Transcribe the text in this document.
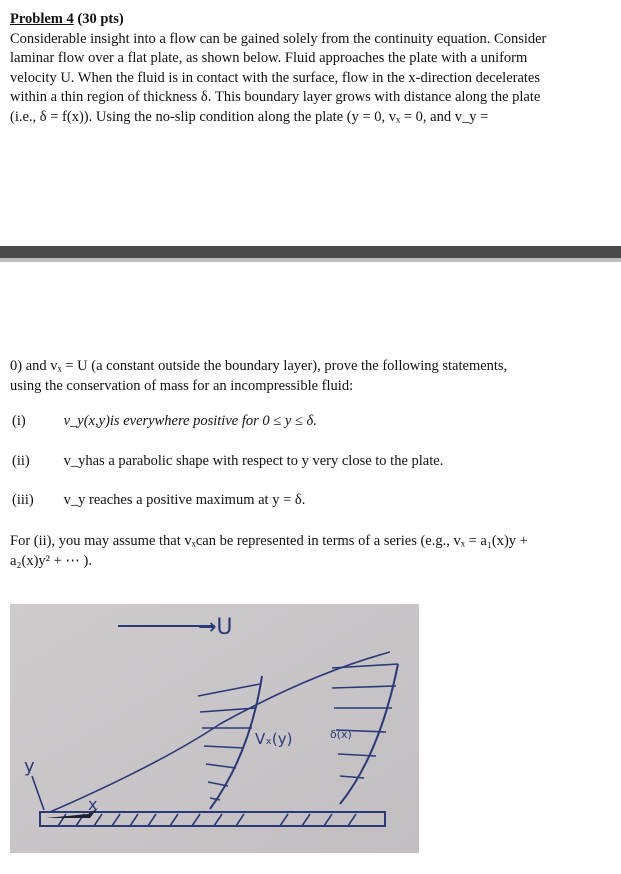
Problem 4 (30 pts)
Considerable insight into a flow can be gained solely from the continuity equation. Consider
laminar flow over a flat plate, as shown below. Fluid approaches the plate with a uniform
velocity U. When the fluid is in contact with the surface, flow in the x-direction decelerates
within a thin region of thickness δ. This boundary layer grows with distance along the plate
(i.e., δ = f(x)). Using the no-slip condition along the plate (y = 0, vₓ = 0, and v_y =
0) and vₓ = U (a constant outside the boundary layer), prove the following statements,
using the conservation of mass for an incompressible fluid:
(i)	v_y(x,y)is everywhere positive for 0 ≤ y ≤ δ.
(ii) v_yhas a parabolic shape with respect to y very close to the plate.
(iii) v_y reaches a positive maximum at y = δ.
For (ii), you may assume that vₓcan be represented in terms of a series (e.g., vₓ = a₁(x)y +
a₂(x)y² + ⋯ ).
→U
Vₓ(y)	δ(x)
y
x
